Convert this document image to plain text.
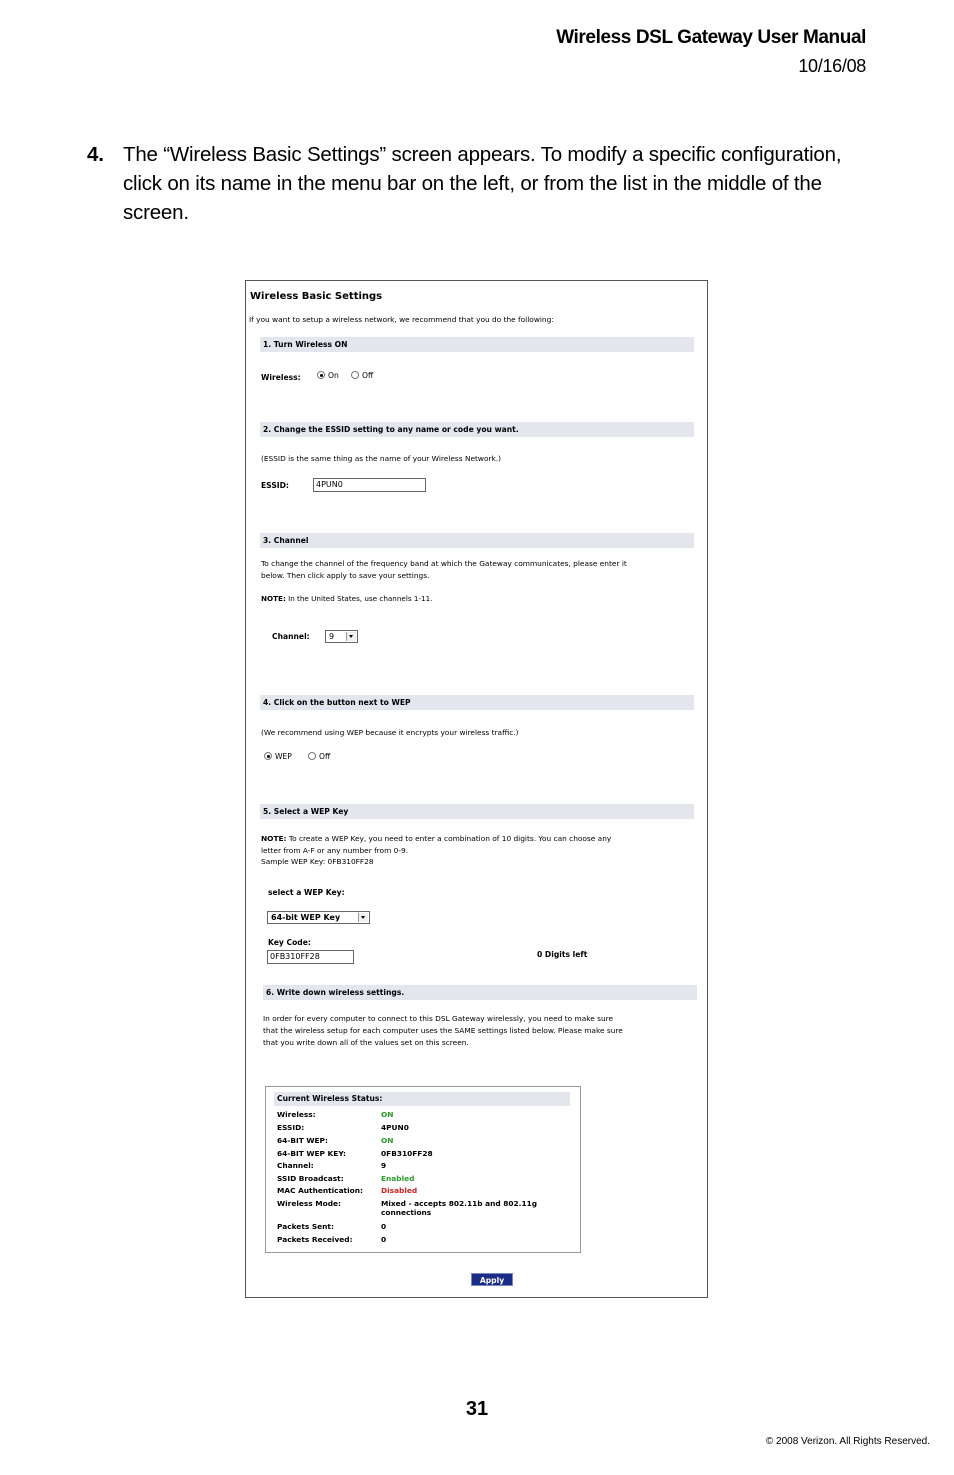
Wireless DSL Gateway User Manual
10/16/08
4. The “Wireless Basic Settings” screen appears. To modify a specific configuration, click on its name in the menu bar on the left, or from the list in the middle of the screen.
Wireless Basic Settings
If you want to setup a wireless network, we recommend that you do the following:
1. Turn Wireless ON
Wireless:	On	Off
2. Change the ESSID setting to any name or code you want.
(ESSID is the same thing as the name of your Wireless Network.)
ESSID:	4PUN0
3. Channel
To change the channel of the frequency band at which the Gateway communicates, please enter it
below. Then click apply to save your settings.
NOTE: In the United States, use channels 1-11.
Channel:	9
4. Click on the button next to WEP
(We recommend using WEP because it encrypts your wireless traffic.)
WEP	Off
5. Select a WEP Key
NOTE: To create a WEP Key, you need to enter a combination of 10 digits. You can choose any
letter from A-F or any number from 0-9.
Sample WEP Key: 0FB310FF28
select a WEP Key:
64-bit WEP Key
Key Code:
0FB310FF28	0 Digits left
6. Write down wireless settings.
In order for every computer to connect to this DSL Gateway wirelessly, you need to make sure
that the wireless setup for each computer uses the SAME settings listed below. Please make sure
that you write down all of the values set on this screen.
Current Wireless Status:
Wireless:	ON
ESSID:	4PUN0
64-BIT WEP:	ON
64-BIT WEP KEY:	0FB310FF28
Channel:	9
SSID Broadcast:	Enabled
MAC Authentication: Disabled
Wireless Mode:	Mixed - accepts 802.11b and 802.11g connections
Packets Sent:	0
Packets Received:	0
Apply
31
© 2008 Verizon. All Rights Reserved.
